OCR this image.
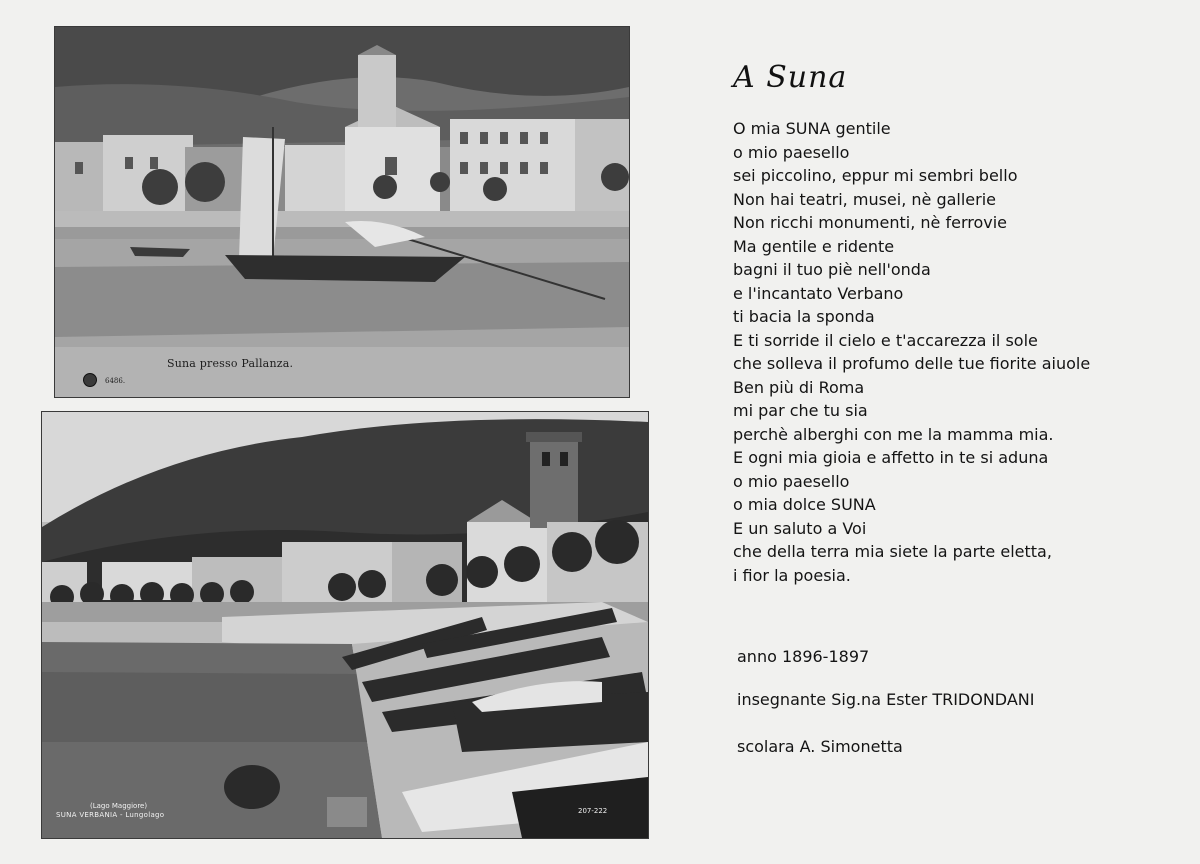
6486.
Suna presso Pallanza.
(Lago Maggiore)
SUNA VERBANIA - Lungolago	207-222
A Suna
O mia SUNA gentile
o mio paesello
sei piccolino, eppur mi sembri bello
Non hai teatri, musei, nè gallerie
Non ricchi monumenti, nè ferrovie
Ma gentile e ridente
bagni il tuo piè nell'onda
e l'incantato Verbano
ti bacia la sponda
E ti sorride il cielo e t'accarezza il sole
che solleva il profumo delle tue fiorite aiuole
Ben più di Roma
mi par che tu sia
perchè alberghi con me la mamma mia.
E ogni mia gioia e affetto in te si aduna
o mio paesello
o mia dolce SUNA
E un saluto a Voi
che della terra mia siete la parte eletta,
i fior la poesia.
anno 1896-1897
insegnante Sig.na Ester TRIDONDANI
scolara A. Simonetta
